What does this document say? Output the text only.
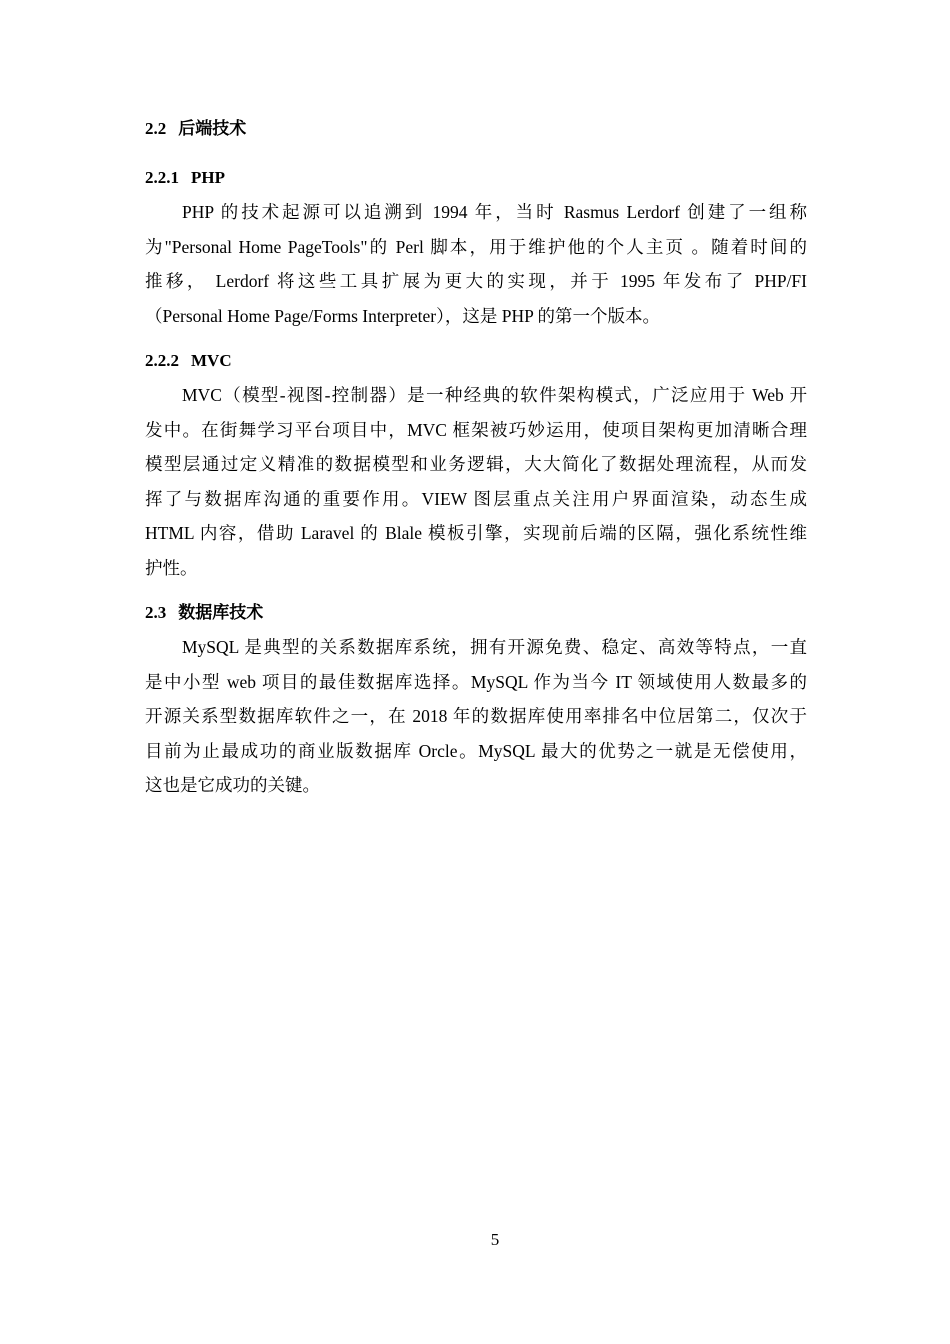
2.2 后端技术
2.2.1 PHP
PHP 的技术起源可以追溯到 1994 年，当时 Rasmus Lerdorf 创建了一组称
为"Personal Home PageTools"的 Perl 脚本，用于维护他的个人主页 。随着时间的
推移， Lerdorf 将这些工具扩展为更大的实现，并于 1995 年发布了 PHP/FI
（Personal Home Page/Forms Interpreter），这是 PHP 的第一个版本。
2.2.2 MVC
MVC（模型-视图-控制器）是一种经典的软件架构模式，广泛应用于 Web 开
发中。在街舞学习平台项目中，MVC 框架被巧妙运用，使项目架构更加清晰合理
模型层通过定义精准的数据模型和业务逻辑，大大简化了数据处理流程，从而发
挥了与数据库沟通的重要作用。VIEW 图层重点关注用户界面渲染，动态生成
HTML 内容，借助 Laravel 的 Blale 模板引擎，实现前后端的区隔，强化系统性维
护性。
2.3 数据库技术
MySQL 是典型的关系数据库系统，拥有开源免费、稳定、高效等特点，一直
是中小型 web 项目的最佳数据库选择。MySQL 作为当今 IT 领域使用人数最多的
开源关系型数据库软件之一，在 2018 年的数据库使用率排名中位居第二，仅次于
目前为止最成功的商业版数据库 Orcle。MySQL 最大的优势之一就是无偿使用，
这也是它成功的关键。
5
